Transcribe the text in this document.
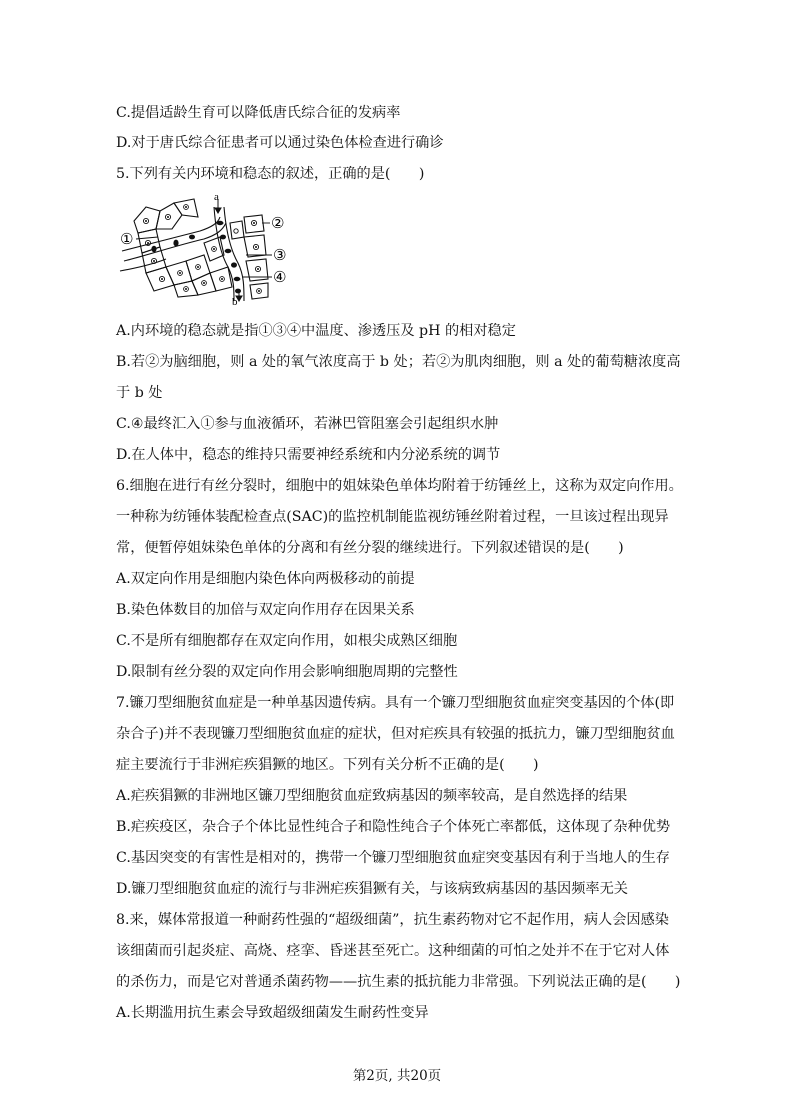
C.提倡适龄生育可以降低唐氏综合征的发病率
D.对于唐氏综合征患者可以通过染色体检查进行确诊
5.下列有关内环境和稳态的叙述，正确的是(　　)
a
b
①
②
③
④
A.内环境的稳态就是指①③④中温度、渗透压及 pH 的相对稳定
B.若②为脑细胞，则 a 处的氧气浓度高于 b 处；若②为肌肉细胞，则 a 处的葡萄糖浓度高
于 b 处
C.④最终汇入①参与血液循环，若淋巴管阻塞会引起组织水肿
D.在人体中，稳态的维持只需要神经系统和内分泌系统的调节
6.细胞在进行有丝分裂时，细胞中的姐妹染色单体均附着于纺锤丝上，这称为双定向作用。
一种称为纺锤体装配检查点(SAC)的监控机制能监视纺锤丝附着过程，一旦该过程出现异
常，便暂停姐妹染色单体的分离和有丝分裂的继续进行。下列叙述错误的是(　　)
A.双定向作用是细胞内染色体向两极移动的前提
B.染色体数目的加倍与双定向作用存在因果关系
C.不是所有细胞都存在双定向作用，如根尖成熟区细胞
D.限制有丝分裂的双定向作用会影响细胞周期的完整性
7.镰刀型细胞贫血症是一种单基因遗传病。具有一个镰刀型细胞贫血症突变基因的个体(即
杂合子)并不表现镰刀型细胞贫血症的症状，但对疟疾具有较强的抵抗力，镰刀型细胞贫血
症主要流行于非洲疟疾猖獗的地区。下列有关分析不正确的是(　　)
A.疟疾猖獗的非洲地区镰刀型细胞贫血症致病基因的频率较高，是自然选择的结果
B.疟疾疫区，杂合子个体比显性纯合子和隐性纯合子个体死亡率都低，这体现了杂种优势
C.基因突变的有害性是相对的，携带一个镰刀型细胞贫血症突变基因有利于当地人的生存
D.镰刀型细胞贫血症的流行与非洲疟疾猖獗有关，与该病致病基因的基因频率无关
8.来，媒体常报道一种耐药性强的“超级细菌”，抗生素药物对它不起作用，病人会因感染
该细菌而引起炎症、高烧、痉挛、昏迷甚至死亡。这种细菌的可怕之处并不在于它对人体
的杀伤力，而是它对普通杀菌药物——抗生素的抵抗能力非常强。下列说法正确的是(　　)
A.长期滥用抗生素会导致超级细菌发生耐药性变异
第2页, 共20页
